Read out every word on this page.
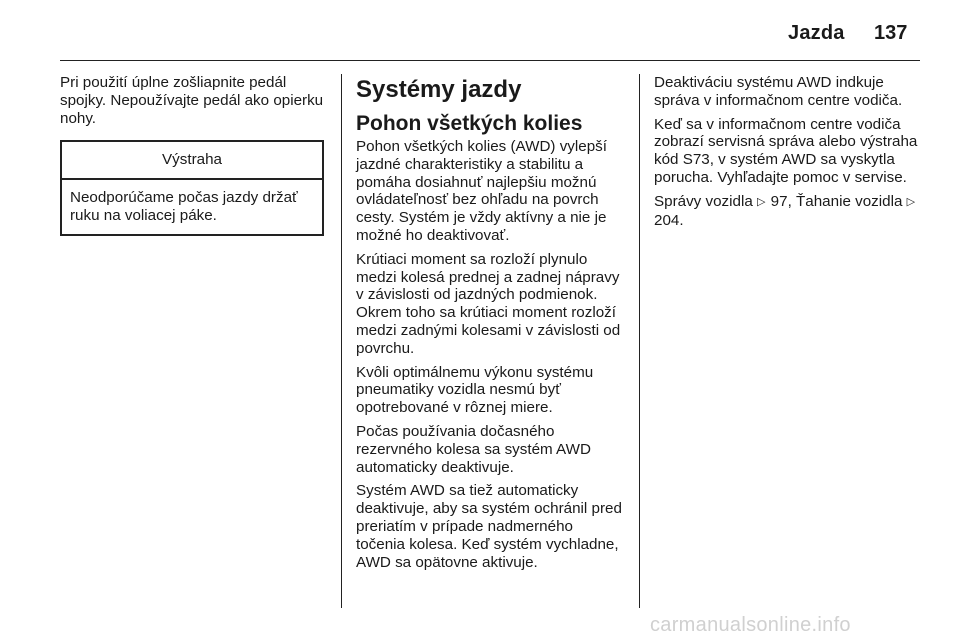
Jazda 137

Pri použití úplne zošliapnite pedál spojky. Nepoužívajte pedál ako opierku nohy.

Výstraha
Neodporúčame počas jazdy držať ruku na voliacej páke.
Systémy jazdy
Pohon všetkých kolies

Pohon všetkých kolies (AWD) vylepší jazdné charakteristiky a stabilitu a pomáha dosiahnuť najlepšiu možnú ovládateľnosť bez ohľadu na povrch cesty. Systém je vždy aktívny a nie je možné ho deaktivovať.

Krútiaci moment sa rozloží plynulo medzi kolesá prednej a zadnej nápravy v závislosti od jazdných podmienok. Okrem toho sa krútiaci moment rozloží medzi zadnými kolesami v závislosti od povrchu.

Kvôli optimálnemu výkonu systému pneumatiky vozidla nesmú byť opotrebované v rôznej miere.

Počas používania dočasného rezervného kolesa sa systém AWD automaticky deaktivuje.

Systém AWD sa tiež automaticky deaktivuje, aby sa systém ochránil pred preriatím v prípade nadmerného točenia kolesa. Keď systém vychladne, AWD sa opätovne aktivuje.

Deaktiváciu systému AWD indkuje správa v informačnom centre vodiča.

Keď sa v informačnom centre vodiča zobrazí servisná správa alebo výstraha kód S73, v systém AWD sa vyskytla porucha. Vyhľadajte pomoc v servise.

Správy vozidla ▷ 97, Ťahanie vozidla ▷ 204.

carmanualsonline.info
